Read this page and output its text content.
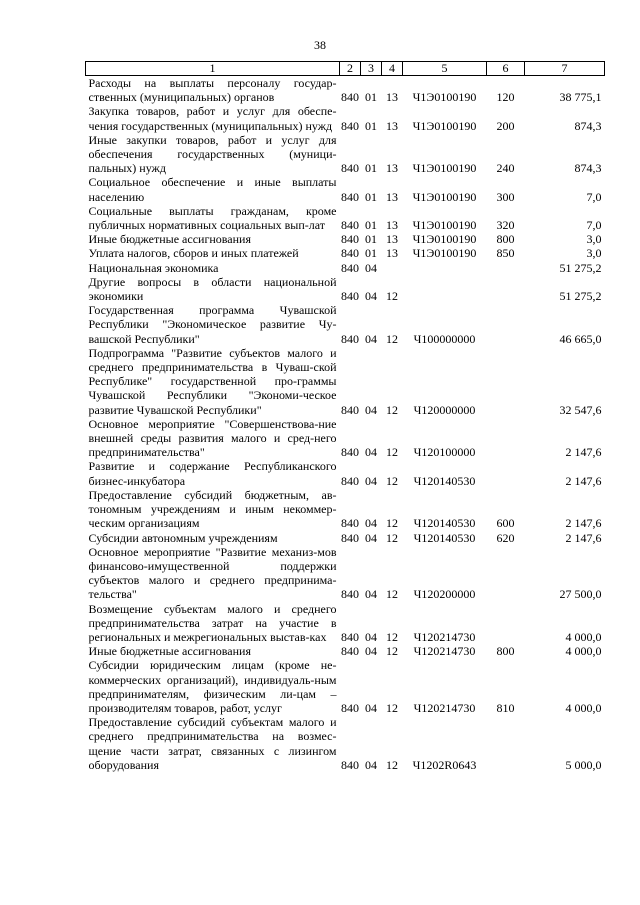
38
1	2	3	4	5	6	7
Расходы на выплаты персоналу государ-ственных (муниципальных) органов	840	01	13	Ч1Э0100190	120	38 775,1
Закупка товаров, работ и услуг для обеспе-чения государственных (муниципальных) нужд	840	01	13	Ч1Э0100190	200	874,3
Иные закупки товаров, работ и услуг для обеспечения государственных (муници-пальных) нужд	840	01	13	Ч1Э0100190	240	874,3
Социальное обеспечение и иные выплаты населению	840	01	13	Ч1Э0100190	300	7,0
Социальные выплаты гражданам, кроме публичных нормативных социальных вып-лат	840	01	13	Ч1Э0100190	320	7,0
Иные бюджетные ассигнования	840	01	13	Ч1Э0100190	800	3,0
Уплата налогов, сборов и иных платежей	840	01	13	Ч1Э0100190	850	3,0
Национальная экономика	840	04				51 275,2
Другие вопросы в области национальной экономики	840	04	12			51 275,2
Государственная программа Чувашской Республики "Экономическое развитие Чу-вашской Республики"	840	04	12	Ч100000000		46 665,0
Подпрограмма "Развитие субъектов малого и среднего предпринимательства в Чуваш-ской Республике" государственной про-граммы Чувашской Республики "Экономи-ческое развитие Чувашской Республики"	840	04	12	Ч120000000		32 547,6
Основное мероприятие "Совершенствова-ние внешней среды развития малого и сред-него предпринимательства"	840	04	12	Ч120100000		2 147,6
Развитие и содержание Республиканского бизнес-инкубатора	840	04	12	Ч120140530		2 147,6
Предоставление субсидий бюджетным, ав-тономным учреждениям и иным некоммер-ческим организациям	840	04	12	Ч120140530	600	2 147,6
Субсидии автономным учреждениям	840	04	12	Ч120140530	620	2 147,6
Основное мероприятие "Развитие механиз-мов финансово-имущественной поддержки субъектов малого и среднего предпринима-тельства"	840	04	12	Ч120200000		27 500,0
Возмещение субъектам малого и среднего предпринимательства затрат на участие в региональных и межрегиональных выстав-ках	840	04	12	Ч120214730		4 000,0
Иные бюджетные ассигнования	840	04	12	Ч120214730	800	4 000,0
Субсидии юридическим лицам (кроме не-коммерческих организаций), индивидуаль-ным предпринимателям, физическим ли-цам – производителям товаров, работ, услуг	840	04	12	Ч120214730	810	4 000,0
Предоставление субсидий субъектам малого и среднего предпринимательства на возмес-щение части затрат, связанных с лизингом оборудования	840	04	12	Ч1202R0643		5 000,0
